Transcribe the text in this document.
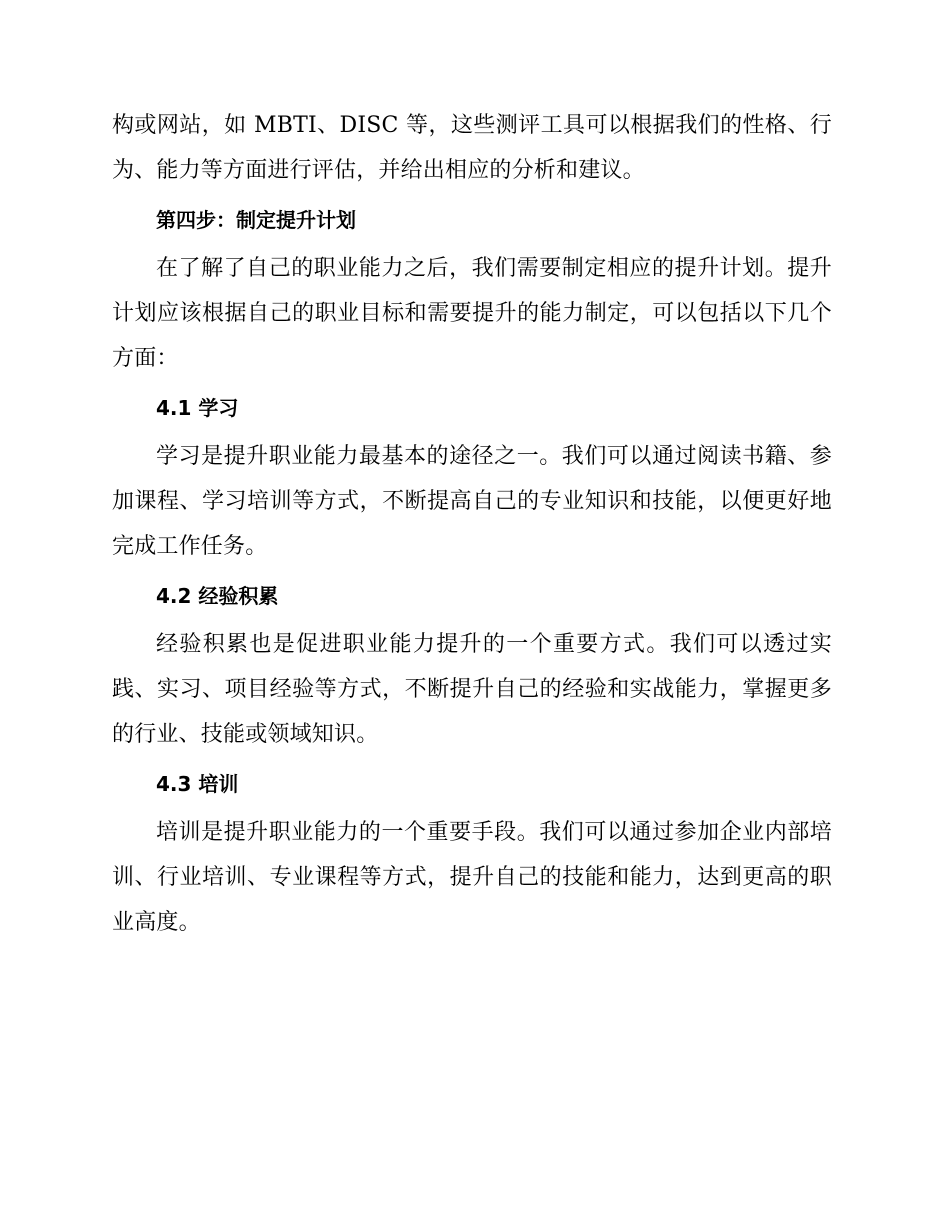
构或网站，如 MBTI、DISC 等，这些测评工具可以根据我们的性格、行为、能力等方面进行评估，并给出相应的分析和建议。

第四步：制定提升计划

在了解了自己的职业能力之后，我们需要制定相应的提升计划。提升计划应该根据自己的职业目标和需要提升的能力制定，可以包括以下几个方面：

4.1 学习

学习是提升职业能力最基本的途径之一。我们可以通过阅读书籍、参加课程、学习培训等方式，不断提高自己的专业知识和技能，以便更好地完成工作任务。

4.2 经验积累

经验积累也是促进职业能力提升的一个重要方式。我们可以透过实践、实习、项目经验等方式，不断提升自己的经验和实战能力，掌握更多的行业、技能或领域知识。

4.3 培训

培训是提升职业能力的一个重要手段。我们可以通过参加企业内部培训、行业培训、专业课程等方式，提升自己的技能和能力，达到更高的职业高度。
